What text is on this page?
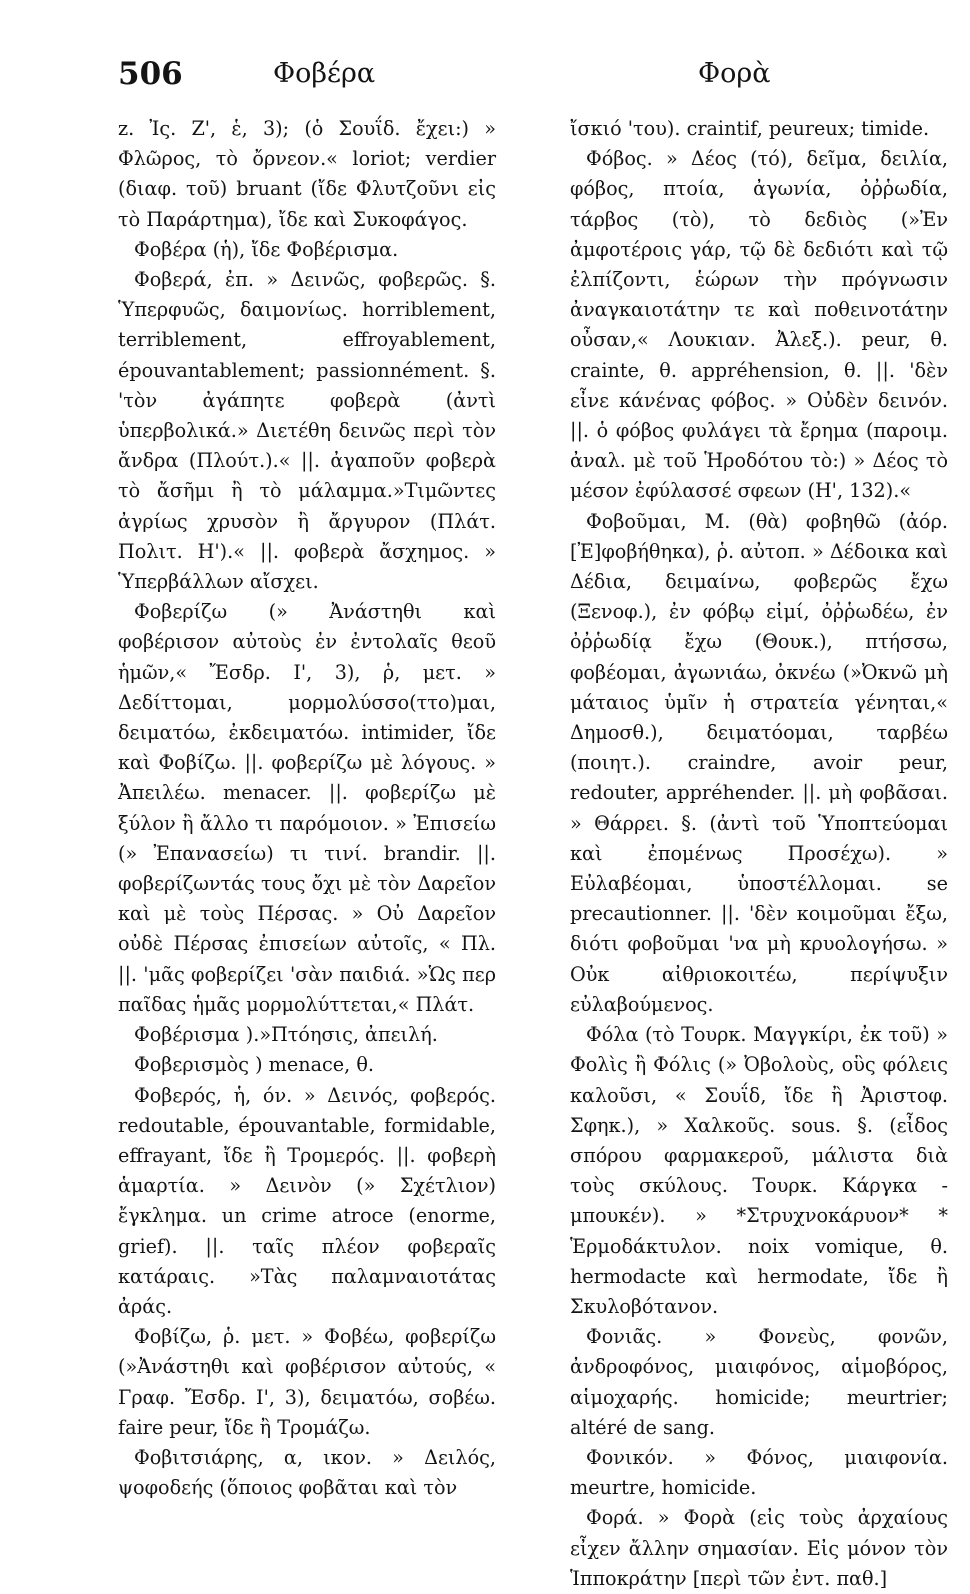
506	Φοβέρα	Φορὰ

z. Ἰς. Ζ', ἑ, 3); (ὁ Σουΐδ. ἔχει:) » Φλῶρος, τὸ ὄρνεον.« loriot; verdier (διαφ. τοῦ) bruant (ἴδε Φλυτζοῦνι εἰς τὸ Παράρτημα), ἴδε καὶ Συκοφάγος.

Φοβέρα (ἡ), ἴδε Φοβέρισμα.

Φοβερά, ἐπ. » Δεινῶς, φοβερῶς. §. Ὑπερφυῶς, δαιμονίως. horriblement, terriblement, effroyablement, épouvantablement; passionnément. §. 'τὸν ἀγάπητε φοβερὰ (ἀντὶ ὑπερβολικά.» Διετέθη δεινῶς περὶ τὸν ἄνδρα (Πλούτ.).« ||. ἀγαποῦν φοβερὰ τὸ ἄσῆμι ἢ τὸ μάλαμμα.»Τιμῶντες ἀγρίως χρυσὸν ἢ ἄργυρον (Πλάτ. Πολιτ. Η').« ||. φοβερὰ ἄσχημος. » Ὑπερβάλλων αἴσχει.

Φοβερίζω (» Ἀνάστηθι καὶ φοβέρισον αὐτοὺς ἐν ἐντολαῖς θεοῦ ἡμῶν,« Ἔσδρ. Ι', 3), ῥ, μετ. » Δεδίττομαι, μορμολύσσο(ττο)μαι, δειματόω, ἐκδειματόω. intimider, ἴδε καὶ Φοβίζω. ||. φοβερίζω μὲ λόγους. » Ἀπειλέω. menacer. ||. φοβερίζω μὲ ξύλον ἢ ἄλλο τι παρόμοιον. » Ἐπισείω (» Ἐπανασείω) τι τινί. brandir. ||. φοβερίζωντάς τους ὄχι μὲ τὸν Δαρεῖον καὶ μὲ τοὺς Πέρσας. » Οὐ Δαρεῖον οὐδὲ Πέρσας ἐπισείων αὐτοῖς, « Πλ. ||. 'μᾶς φοβερίζει 'σὰν παιδιά. »Ὡς περ παῖδας ἡμᾶς μορμολύττεται,« Πλάτ.

Φοβέρισμα ).»Πτόησις, ἀπειλή.

Φοβερισμὸς ) menace, θ.

Φοβερός, ἡ, όν. » Δεινός, φοβερός. redoutable, épouvantable, formidable, effrayant, ἴδε ἢ Τρομερός. ||. φοβερὴ ἁμαρτία. » Δεινὸν (» Σχέτλιον) ἔγκλημα. un crime atroce (enorme, grief). ||. ταῖς πλέον φοβεραῖς κατάραις. »Τὰς παλαμναιοτάτας ἀράς.

Φοβίζω, ῥ. μετ. » Φοβέω, φοβερίζω (»Ἀνάστηθι καὶ φοβέρισον αὐτούς, « Γραφ. Ἔσδρ. Ι', 3), δειματόω, σοβέω. faire peur, ἴδε ἢ Τρομάζω.

Φοβιτσιάρης, α, ικον. » Δειλός, ψοφοδεής (ὅποιος φοβᾶται καὶ τὸν

ἴσκιό 'του). craintif, peureux; timide.

Φόβος. » Δέος (τό), δεῖμα, δειλία, φόβος, πτοία, ἀγωνία, ὀῤῥωδία, τάρβος (τὸ), τὸ δεδιὸς (»Ἐν ἀμφοτέροις γάρ, τῷ δὲ δεδιότι καὶ τῷ ἐλπίζοντι, ἑώρων τὴν πρόγνωσιν ἀναγκαιοτάτην τε καὶ ποθεινοτάτην οὖσαν,« Λουκιαν. Ἀλεξ.). peur, θ. crainte, θ. appréhension, θ. ||. 'δὲν εἶνε κάνένας φόβος. » Οὐδὲν δεινόν. ||. ὁ φόβος φυλάγει τὰ ἔρημα (παροιμ. ἀναλ. μὲ τοῦ Ἡροδότου τὸ:) » Δέος τὸ μέσον ἐφύλασσέ σφεων (Η', 132).«

Φοβοῦμαι, Μ. (θὰ) φοβηθῶ (ἀόρ. [Ἐ]φοβήθηκα), ῥ. αὐτοπ. » Δέδοικα καὶ Δέδια, δειμαίνω, φοβερῶς ἔχω (Ξενοφ.), ἐν φόβῳ εἰμί, ὀῤῥωδέω, ἐν ὀῤῥωδίᾳ ἔχω (Θουκ.), πτήσσω, φοβέομαι, ἀγωνιάω, ὀκνέω (»Ὀκνῶ μὴ μάταιος ὑμῖν ἡ στρατεία γένηται,« Δημοσθ.), δειματόομαι, ταρβέω (ποιητ.). craindre, avoir peur, redouter, appréhender. ||. μὴ φοβᾶσαι. » Θάρρει. §. (ἀντὶ τοῦ Ὑποπτεύομαι καὶ ἐπομένως Προσέχω). » Εὐλαβέομαι, ὑποστέλλομαι. se precautionner. ||. 'δὲν κοιμοῦμαι ἔξω, διότι φοβοῦμαι 'να μὴ κρυολογήσω. » Οὐκ αἰθριοκοιτέω, περίψυξιν εὐλαβούμενος.

Φόλα (τὸ Τουρκ. Μαγγκίρι, ἐκ τοῦ) » Φολὶς ἢ Φόλις (» Ὀβολοὺς, οὓς φόλεις καλοῦσι, « Σουΐδ, ἴδε ἢ Ἀριστοφ. Σφηκ.), » Χαλκοῦς. sous. §. (εἶδος σπόρου φαρμακεροῦ, μάλιστα διὰ τοὺς σκύλους. Τουρκ. Κάργκα - μπουκέν). » *Στρυχνοκάρυον* * Ἑρμοδάκτυλον. noix vomique, θ. hermodacte καὶ hermodate, ἴδε ἢ Σκυλοβότανον.

Φονιᾶς. » Φονεὺς, φονῶν, ἀνδροφόνος, μιαιφόνος, αἱμοβόρος, αἱμοχαρής. homicide; meurtrier; altéré de sang.

Φονικόν. » Φόνος, μιαιφονία. meurtre, homicide.

Φορά. » Φορὰ (εἰς τοὺς ἀρχαίους εἶχεν ἄλλην σημασίαν. Εἰς μόνον τὸν Ἱπποκράτην [περὶ τῶν ἐντ. παθ.]
